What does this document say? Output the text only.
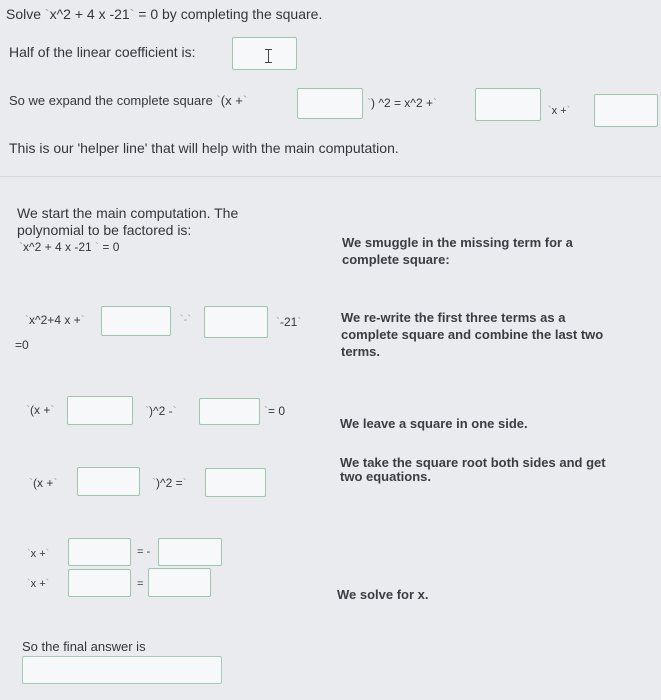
Solve `x^2 + 4 x -21` = 0 by completing the square.
Half of the linear coefficient is:
So we expand the complete square `(x +`	`) ^2 = x^2 +`
`x +`
This is our 'helper line' that will help with the main computation.
We start the main computation. The
polynomial to be factored is:
`x^2 + 4 x -21 ` = 0	We smuggle in the missing term for a
complete square:
`x^2+4 x +`	`-`	`-21`
=0
We re-write the first three terms as a
complete square and combine the last two
terms.
`(x +`	`)^2 -`	`= 0
We leave a square in one side.
We take the square root both sides and get
two equations.
`(x +`	`)^2 =`
`x +`	= -
`x +`	=
We solve for x.
So the final answer is
